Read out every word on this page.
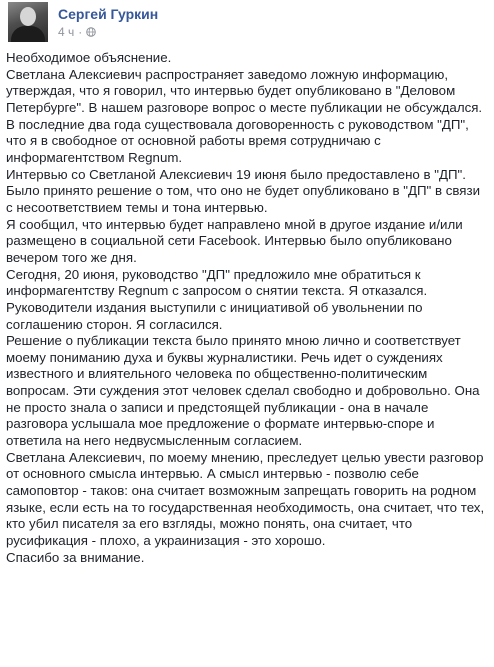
Сергей Гуркин
4 ч ·

Необходимое объяснение.

Светлана Алексиевич распространяет заведомо ложную информацию, утверждая, что я говорил, что интервью будет опубликовано в "Деловом Петербурге". В нашем разговоре вопрос о месте публикации не обсуждался.

В последние два года существовала договоренность с руководством "ДП", что я в свободное от основной работы время сотрудничаю с информагентством Regnum.

Интервью со Светланой Алексиевич 19 июня было предоставлено в "ДП". Было принято решение о том, что оно не будет опубликовано в "ДП" в связи с несоответствием темы и тона интервью.

Я сообщил, что интервью будет направлено мной в другое издание и/или размещено в социальной сети Facebook. Интервью было опубликовано вечером того же дня.

Сегодня, 20 июня, руководство "ДП" предложило мне обратиться к информагентству Regnum с запросом о снятии текста. Я отказался. Руководители издания выступили с инициативой об увольнении по соглашению сторон. Я согласился.

Решение о публикации текста было принято мною лично и соответствует моему пониманию духа и буквы журналистики. Речь идет о суждениях известного и влиятельного человека по общественно-политическим вопросам. Эти суждения этот человек сделал свободно и добровольно. Она не просто знала о записи и предстоящей публикации - она в начале разговора услышала мое предложение о формате интервью-споре и ответила на него недвусмысленным согласием.

Светлана Алексиевич, по моему мнению, преследует целью увести разговор от основного смысла интервью. А смысл интервью - позволю себе самоповтор - таков: она считает возможным запрещать говорить на родном языке, если есть на то государственная необходимость, она считает, что тех, кто убил писателя за его взгляды, можно понять, она считает, что русификация - плохо, а украинизация - это хорошо.

Спасибо за внимание.
